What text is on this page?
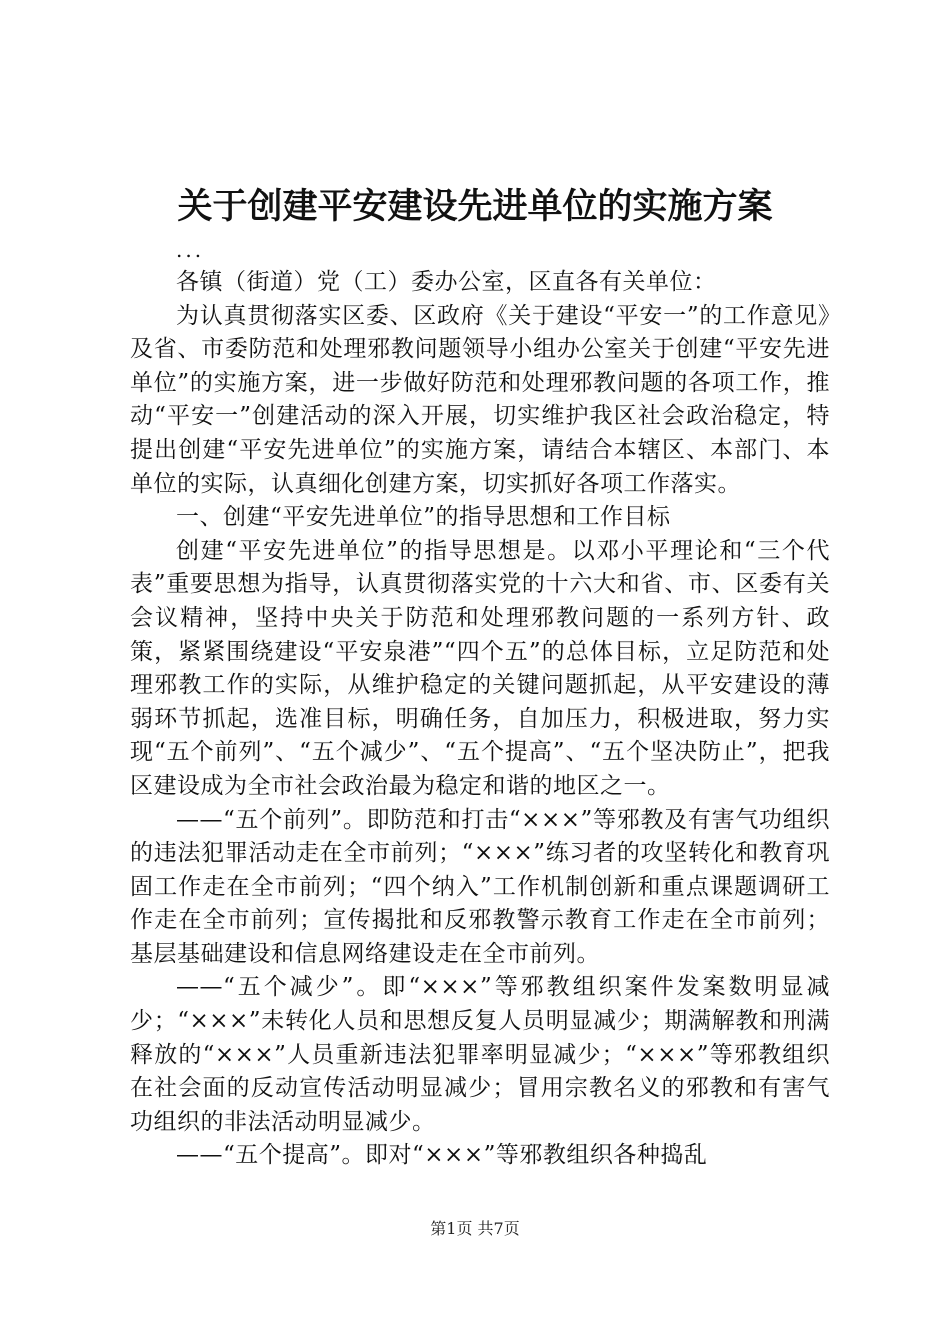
关于创建平安建设先进单位的实施方案
...

各镇（街道）党（工）委办公室，区直各有关单位：

为认真贯彻落实区委、区政府《关于建设“平安一”的工作意见》及省、市委防范和处理邪教问题领导小组办公室关于创建“平安先进单位”的实施方案，进一步做好防范和处理邪教问题的各项工作，推动“平安一”创建活动的深入开展，切实维护我区社会政治稳定，特提出创建“平安先进单位”的实施方案，请结合本辖区、本部门、本单位的实际，认真细化创建方案，切实抓好各项工作落实。

一、创建“平安先进单位”的指导思想和工作目标

创建“平安先进单位”的指导思想是。以邓小平理论和“三个代表”重要思想为指导，认真贯彻落实党的十六大和省、市、区委有关会议精神，坚持中央关于防范和处理邪教问题的一系列方针、政策，紧紧围绕建设“平安泉港”“四个五”的总体目标，立足防范和处理邪教工作的实际，从维护稳定的关键问题抓起，从平安建设的薄弱环节抓起，选准目标，明确任务，自加压力，积极进取，努力实现“五个前列”、“五个减少”、“五个提高”、“五个坚决防止”，把我区建设成为全市社会政治最为稳定和谐的地区之一。

——“五个前列”。即防范和打击“×××”等邪教及有害气功组织的违法犯罪活动走在全市前列；“×××”练习者的攻坚转化和教育巩固工作走在全市前列；“四个纳入”工作机制创新和重点课题调研工作走在全市前列；宣传揭批和反邪教警示教育工作走在全市前列；基层基础建设和信息网络建设走在全市前列。

——“五个减少”。即“×××”等邪教组织案件发案数明显减少；“×××”未转化人员和思想反复人员明显减少；期满解教和刑满释放的“×××”人员重新违法犯罪率明显减少；“×××”等邪教组织在社会面的反动宣传活动明显减少；冒用宗教名义的邪教和有害气功组织的非法活动明显减少。

——“五个提高”。即对“×××”等邪教组织各种捣乱

第1页 共7页
